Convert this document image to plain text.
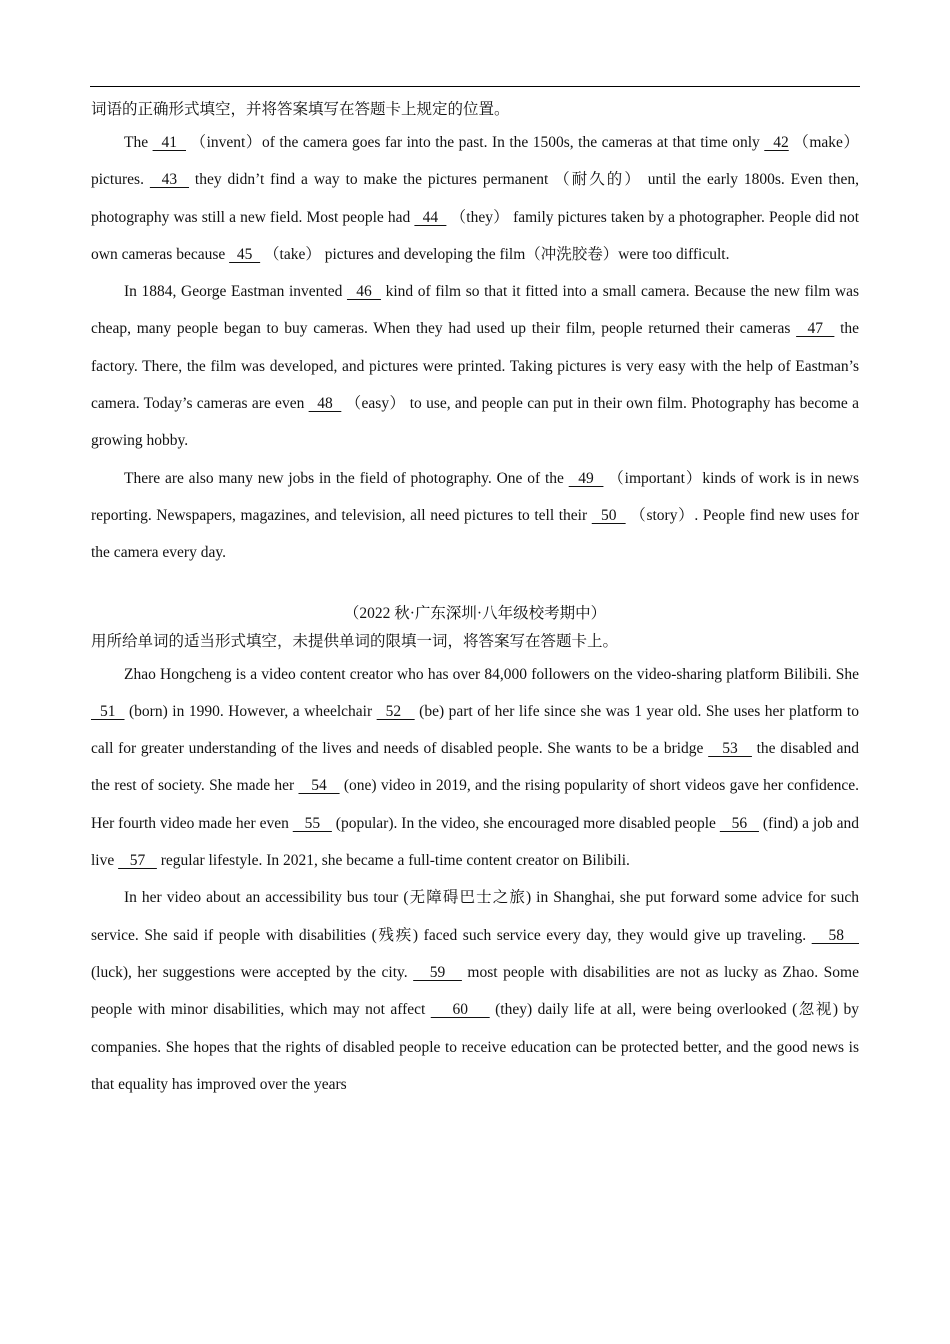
词语的正确形式填空，并将答案填写在答题卡上规定的位置。

The   41   （invent）of the camera goes far into the past. In the 1500s, the cameras at that time only   42 （make） pictures.   43   they didn’t find a way to make the pictures permanent （耐久的） until the early 1800s. Even then, photography was still a new field. Most people had   44   （they） family pictures taken by a photographer. People did not own cameras because   45   （take） pictures and developing the film（冲洗胶卷）were too difficult.

In 1884, George Eastman invented   46   kind of film so that it fitted into a small camera. Because the new film was cheap, many people began to buy cameras. When they had used up their film, people returned their cameras   47   the factory. There, the film was developed, and pictures were printed. Taking pictures is very easy with the help of Eastman’s camera. Today’s cameras are even   48   （easy） to use, and people can put in their own film. Photography has become a growing hobby.

There are also many new jobs in the field of photography. One of the   49   （important）kinds of work is in news reporting. Newspapers, magazines, and television, all need pictures to tell their   50   （story）. People find new uses for the camera every day.

（2022 秋·广东深圳·八年级校考期中）

用所给单词的适当形式填空，未提供单词的限填一词，将答案写在答题卡上。

Zhao Hongcheng is a video content creator who has over 84,000 followers on the video-sharing platform Bilibili. She   51   (born) in 1990. However, a wheelchair   52    (be) part of her life since she was 1 year old. She uses her platform to call for greater understanding of the lives and needs of disabled people. She wants to be a bridge    53    the disabled and the rest of society. She made her    54    (one) video in 2019, and the rising popularity of short videos gave her confidence. Her fourth video made her even    55    (popular). In the video, she encouraged more disabled people    56    (find) a job and live    57    regular lifestyle. In 2021, she became a full-time content creator on Bilibili.

In her video about an accessibility bus tour (无障碍巴士之旅) in Shanghai, she put forward some advice for such service. She said if people with disabilities (残疾) faced such service every day, they would give up traveling.    58    (luck), her suggestions were accepted by the city.    59    most people with disabilities are not as lucky as Zhao. Some people with minor disabilities, which may not affect     60     (they) daily life at all, were being overlooked (忽视) by companies. She hopes that the rights of disabled people to receive education can be protected better, and the good news is that equality has improved over the years
